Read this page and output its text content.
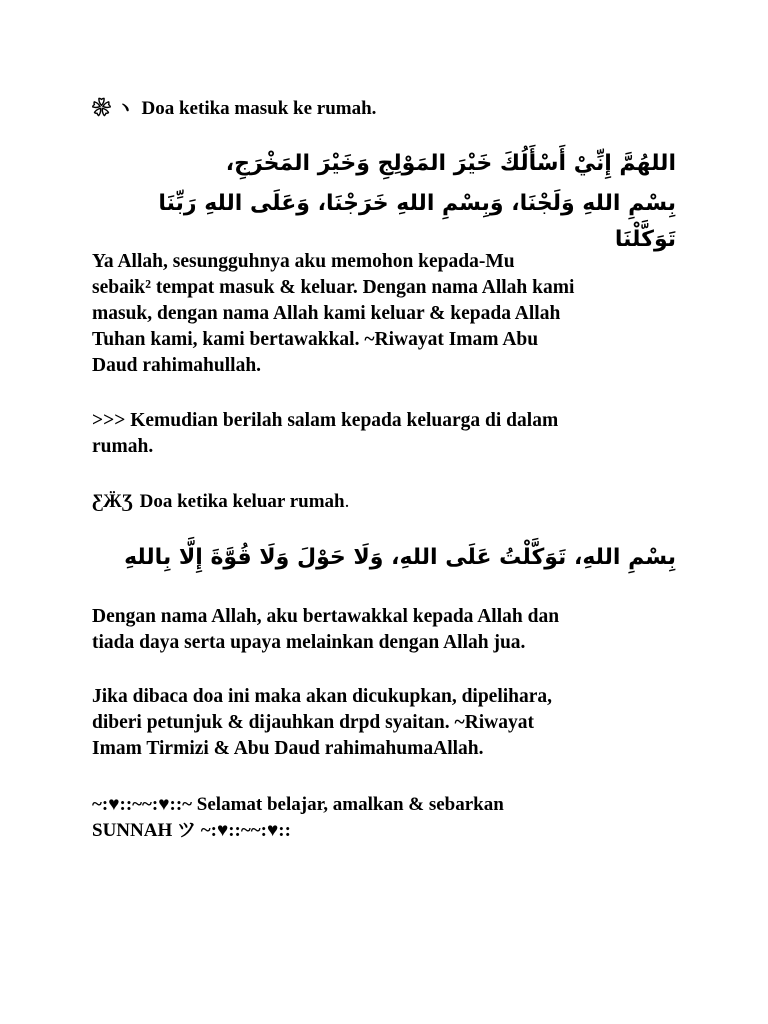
❀ ヽ Doa ketika masuk ke rumah.
اللهُمَّ إِنِّيْ أَسْأَلُكَ خَيْرَ المَوْلِجِ وَخَيْرَ المَخْرَجِ،
بِسْمِ اللهِ وَلَجْنَا، وَبِسْمِ اللهِ خَرَجْنَا، وَعَلَى اللهِ رَبِّنَا تَوَكَّلْنَا
Ya Allah, sesungguhnya aku memohon kepada-Mu
sebaik² tempat masuk & keluar. Dengan nama Allah kami
masuk, dengan nama Allah kami keluar & kepada Allah
Tuhan kami, kami bertawakkal. ~Riwayat Imam Abu
Daud rahimahullah.
>>> Kemudian berilah salam kepada keluarga di dalam
rumah.
ƸӜƷ Doa ketika keluar rumah.
بِسْمِ اللهِ، تَوَكَّلْتُ عَلَى اللهِ، وَلَا حَوْلَ وَلَا قُوَّةَ إِلَّا بِاللهِ
Dengan nama Allah, aku bertawakkal kepada Allah dan
tiada daya serta upaya melainkan dengan Allah jua.
Jika dibaca doa ini maka akan dicukupkan, dipelihara,
diberi petunjuk & dijauhkan drpd syaitan. ~Riwayat
Imam Tirmizi & Abu Daud rahimahumaAllah.
~:♥::~~:♥::~ Selamat belajar, amalkan & sebarkan
SUNNAH ツ ~:♥::~~:♥::
